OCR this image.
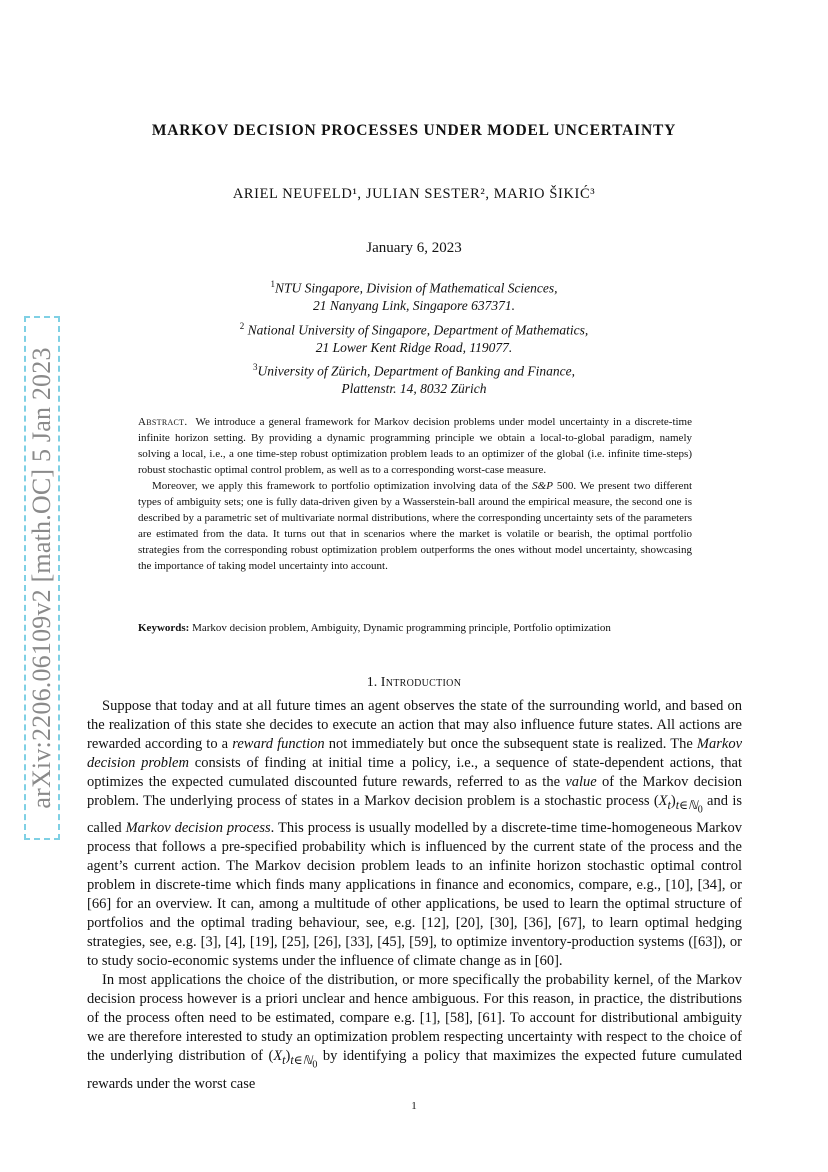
arXiv:2206.06109v2 [math.OC] 5 Jan 2023
MARKOV DECISION PROCESSES UNDER MODEL UNCERTAINTY
ARIEL NEUFELD¹, JULIAN SESTER², MARIO ŠIKIĆ³
January 6, 2023
$^1$NTU Singapore, Division of Mathematical Sciences,
21 Nanyang Link, Singapore 637371.
$^2$ National University of Singapore, Department of Mathematics,
21 Lower Kent Ridge Road, 119077.
$^3$University of Zürich, Department of Banking and Finance,
Plattenstr. 14, 8032 Zürich

Abstract. We introduce a general framework for Markov decision problems under model uncertainty in a discrete-time infinite horizon setting. By providing a dynamic programming principle we obtain a local-to-global paradigm, namely solving a local, i.e., a one time-step robust optimization problem leads to an optimizer of the global (i.e. infinite time-steps) robust stochastic optimal control problem, as well as to a corresponding worst-case measure.

Moreover, we apply this framework to portfolio optimization involving data of the S&P 500. We present two different types of ambiguity sets; one is fully data-driven given by a Wasserstein-ball around the empirical measure, the second one is described by a parametric set of multivariate normal distributions, where the corresponding uncertainty sets of the parameters are estimated from the data. It turns out that in scenarios where the market is volatile or bearish, the optimal portfolio strategies from the corresponding robust optimization problem outperforms the ones without model uncertainty, showcasing the importance of taking model uncertainty into account.

Keywords: Markov decision problem, Ambiguity, Dynamic programming principle, Portfolio optimization
1. Introduction

Suppose that today and at all future times an agent observes the state of the surrounding world, and based on the realization of this state she decides to execute an action that may also influence future states. All actions are rewarded according to a reward function not immediately but once the subsequent state is realized. The Markov decision problem consists of finding at initial time a policy, i.e., a sequence of state-dependent actions, that optimizes the expected cumulated discounted future rewards, referred to as the value of the Markov decision problem. The underlying process of states in a Markov decision problem is a stochastic process $(X_t)_{t\in ℕ_0}$ and is called Markov decision process. This process is usually modelled by a discrete-time time-homogeneous Markov process that follows a pre-specified probability which is influenced by the current state of the process and the agent’s current action. The Markov decision problem leads to an infinite horizon stochastic optimal control problem in discrete-time which finds many applications in finance and economics, compare, e.g., [10], [34], or [66] for an overview. It can, among a multitude of other applications, be used to learn the optimal structure of portfolios and the optimal trading behaviour, see, e.g. [12], [20], [30], [36], [67], to learn optimal hedging strategies, see, e.g. [3], [4], [19], [25], [26], [33], [45], [59], to optimize inventory-production systems ([63]), or to study socio-economic systems under the influence of climate change as in [60].

In most applications the choice of the distribution, or more specifically the probability kernel, of the Markov decision process however is a priori unclear and hence ambiguous. For this reason, in practice, the distributions of the process often need to be estimated, compare e.g. [1], [58], [61]. To account for distributional ambiguity we are therefore interested to study an optimization problem respecting uncertainty with respect to the choice of the underlying distribution of $(X_t)_{t\in ℕ_0}$ by identifying a policy that maximizes the expected future cumulated rewards under the worst case

1
